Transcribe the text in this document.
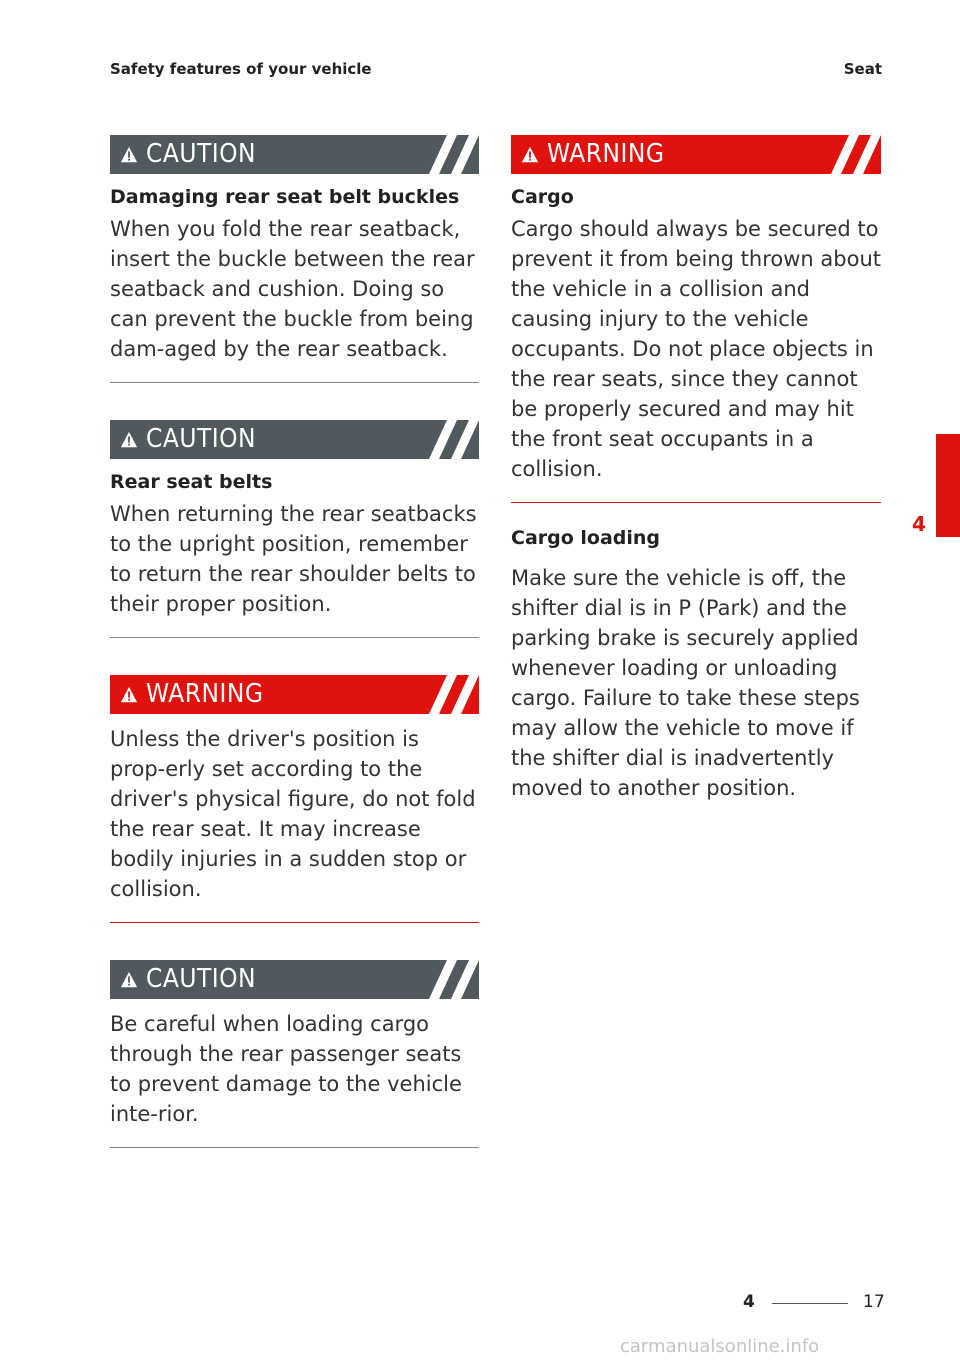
Safety features of your vehicle	Seat
CAUTION
Damaging rear seat belt buckles

When you fold the rear seatback, insert the buckle between the rear seatback and cushion. Doing so can prevent the buckle from being dam-aged by the rear seatback.

CAUTION
Rear seat belts

When returning the rear seatbacks to the upright position, remember to return the rear shoulder belts to their proper position.

WARNING

Unless the driver's position is prop-erly set according to the driver's physical figure, do not fold the rear seat. It may increase bodily injuries in a sudden stop or collision.

CAUTION

Be careful when loading cargo through the rear passenger seats to prevent damage to the vehicle inte-rior.

WARNING
Cargo

Cargo should always be secured to prevent it from being thrown about the vehicle in a collision and causing injury to the vehicle occupants. Do not place objects in the rear seats, since they cannot be properly secured and may hit the front seat occupants in a collision.

Cargo loading

Make sure the vehicle is off, the shifter dial is in P (Park) and the parking brake is securely applied whenever loading or unloading cargo. Failure to take these steps may allow the vehicle to move if the shifter dial is inadvertently moved to another position.

4
4	17
carmanualsonline.info
